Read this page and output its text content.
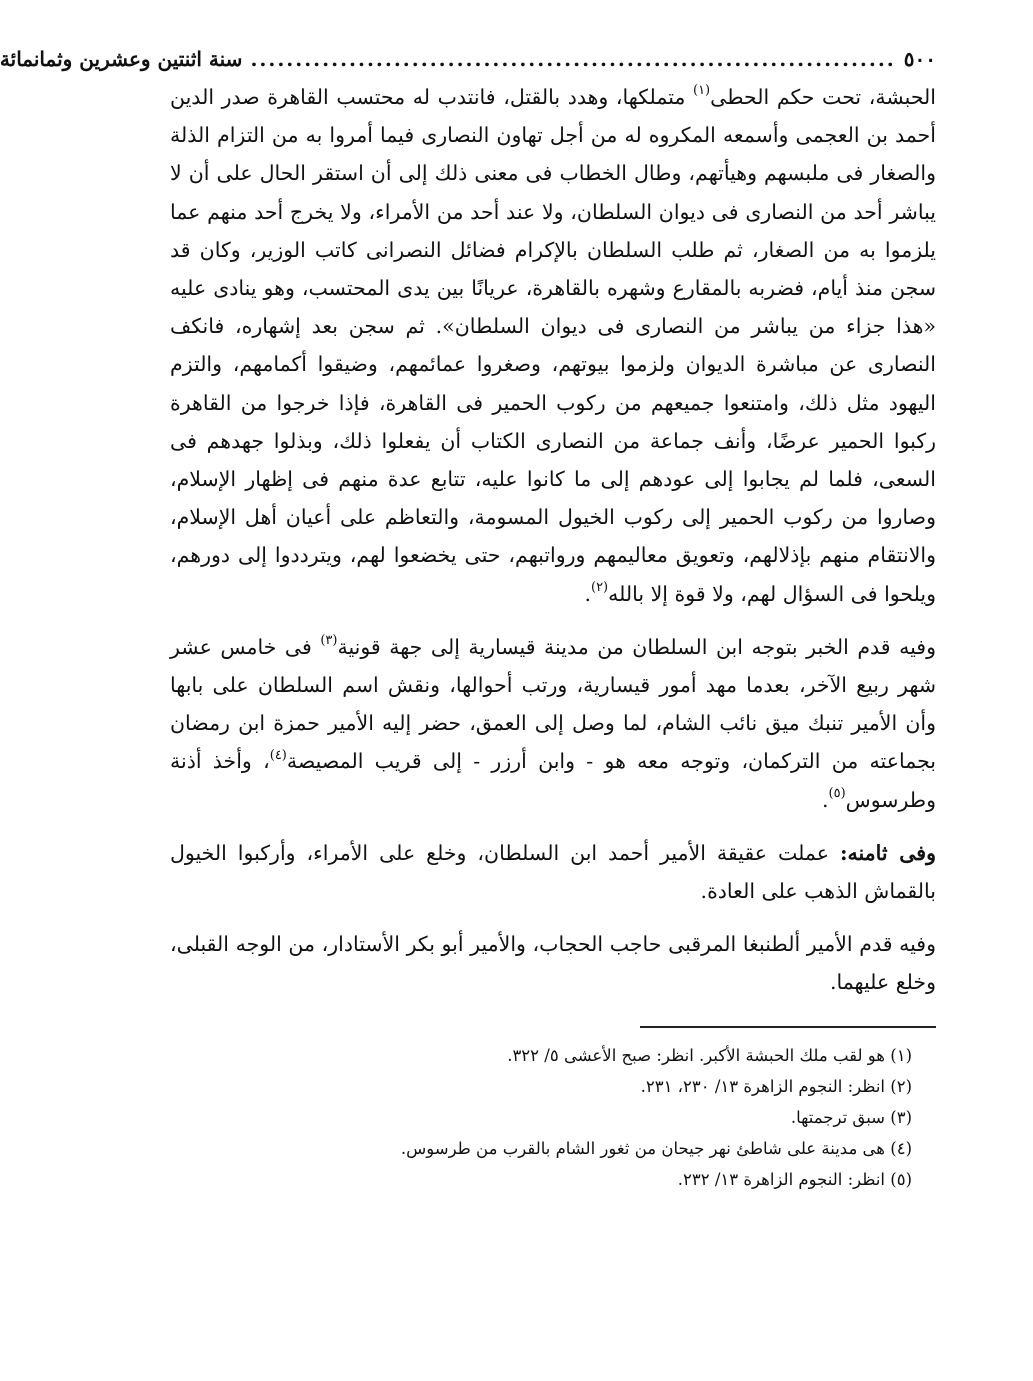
٥٠٠
........................................................................
سنة اثنتين وعشرين وثمانمائة

الحبشة، تحت حكم الحطى$^{(١)}$ متملكها، وهدد بالقتل، فانتدب له محتسب القاهرة صدر الدين أحمد بن العجمى وأسمعه المكروه له من أجل تهاون النصارى فيما أمروا به من التزام الذلة والصغار فى ملبسهم وهيأتهم، وطال الخطاب فى معنى ذلك إلى أن استقر الحال على أن لا يباشر أحد من النصارى فى ديوان السلطان، ولا عند أحد من الأمراء، ولا يخرج أحد منهم عما يلزموا به من الصغار، ثم طلب السلطان بالإكرام فضائل النصرانى كاتب الوزير، وكان قد سجن منذ أيام، فضربه بالمقارع وشهره بالقاهرة، عريانًا بين يدى المحتسب، وهو ينادى عليه «هذا جزاء من يباشر من النصارى فى ديوان السلطان». ثم سجن بعد إشهاره، فانكف النصارى عن مباشرة الديوان ولزموا بيوتهم، وصغروا عمائمهم، وضيقوا أكمامهم، والتزم اليهود مثل ذلك، وامتنعوا جميعهم من ركوب الحمير فى القاهرة، فإذا خرجوا من القاهرة ركبوا الحمير عرضًا، وأنف جماعة من النصارى الكتاب أن يفعلوا ذلك، وبذلوا جهدهم فى السعى، فلما لم يجابوا إلى عودهم إلى ما كانوا عليه، تتابع عدة منهم فى إظهار الإسلام، وصاروا من ركوب الحمير إلى ركوب الخيول المسومة، والتعاظم على أعيان أهل الإسلام، والانتقام منهم بإذلالهم، وتعويق معاليمهم ورواتبهم، حتى يخضعوا لهم، ويترددوا إلى دورهم، ويلحوا فى السؤال لهم، ولا قوة إلا بالله$^{(٢)}$.

وفيه قدم الخبر بتوجه ابن السلطان من مدينة قيسارية إلى جهة قونية$^{(٣)}$ فى خامس عشر شهر ربيع الآخر، بعدما مهد أمور قيسارية، ورتب أحوالها، ونقش اسم السلطان على بابها وأن الأمير تنبك ميق نائب الشام، لما وصل إلى العمق، حضر إليه الأمير حمزة ابن رمضان بجماعته من التركمان، وتوجه معه هو - وابن أرزر - إلى قريب المصيصة$^{(٤)}$، وأخذ أذنة وطرسوس$^{(٥)}$.

وفى ثامنه: عملت عقيقة الأمير أحمد ابن السلطان، وخلع على الأمراء، وأركبوا الخيول بالقماش الذهب على العادة.

وفيه قدم الأمير ألطنبغا المرقبى حاجب الحجاب، والأمير أبو بكر الأستادار، من الوجه القبلى، وخلع عليهما.

(١) هو لقب ملك الحبشة الأكبر. انظر: صبح الأعشى ٥/ ٣٢٢.
(٢) انظر: النجوم الزاهرة ١٣/ ٢٣٠، ٢٣١.
(٣) سبق ترجمتها.
(٤) هى مدينة على شاطئ نهر جيحان من ثغور الشام بالقرب من طرسوس.
(٥) انظر: النجوم الزاهرة ١٣/ ٢٣٢.
